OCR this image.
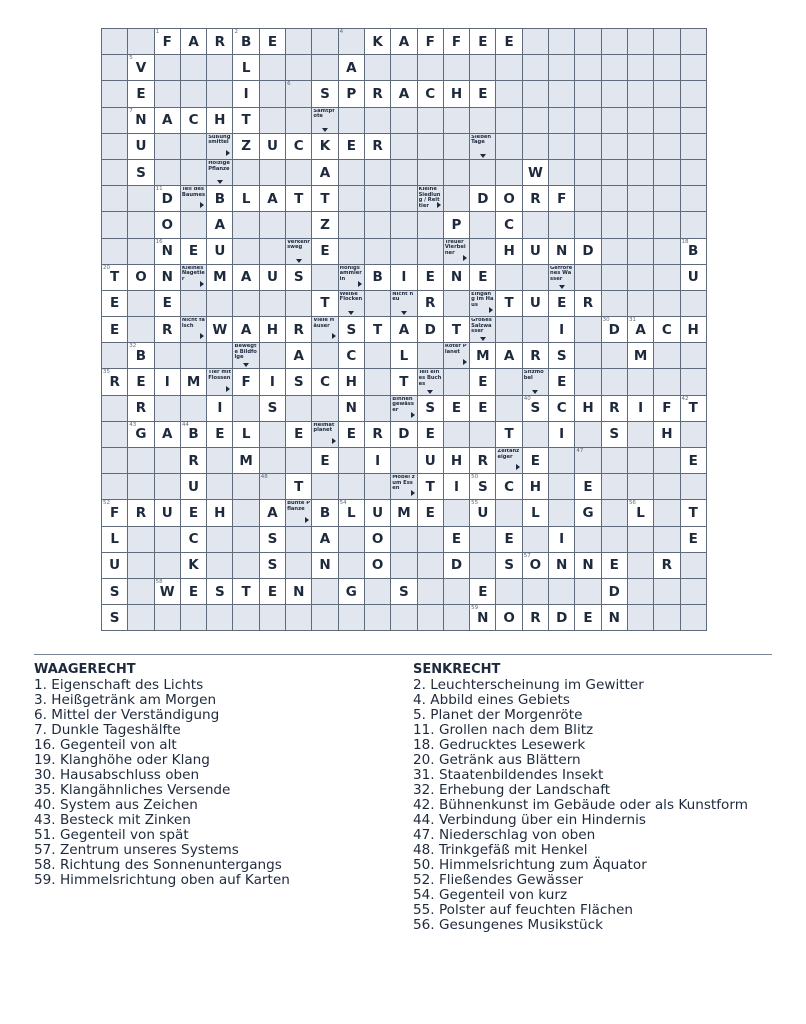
F
1
A	R	B
2
E
4
K	A	F	F	E	E
V
5
L	A
E	I
6
S	P	R	A	C	H	E
N
7
A	C	H	T
Samtpfote
U
Süßungsmittel Z	U	C	K	E	R
Sieben Tage
S
Holzige Pflanze	A	W
D
11	Teil des Baumes B	L	A	T	T
Kleine Siedlung / Reittier	D	O	R	F
O	A	Z	P	C
N
16
E	U
Verkehrsweg	E
Treuer Vierbeiner	H	U	N	D	B
18
T
20
O	N
Kleines Nagetier	M	A	U	S
Honigsammlerin	B	I	E	N	E
Gefrorenes Wasser	U
E	E	T
Weiße Flocken
Nicht neu	R
Eingang im Haus	T	U	E	R
E	R
Nicht falsch	W	A	H	R
Viele Häuser	S	T	A	D	T
Großes Salzwasser	I	D
30
A
31
C	H
B
32	Bewegte Bildfolge	A	C	L
Roter Planet	M	A	R	S	M
R
35
E	I	M
Tier mit Flossen F	I	S	C	H	T
Teil eines Buches	E
Sitzmöbel	E
R	I	S	N
Binnengewässer	S	E	E	S
40
C	H	R	I	F	T
42
G
43
A	B
44
E	L	E
Heimatplanet	E	R	D	E	T	I	S	H
R	M	E	I	U	H	R
Zeitanzeiger	E
47
E
U
48
T
Möbel zum Essen	T	I	S
50
C	H	E
F
52
R	U	E	H	A
Bunte Pflanze	B	L
54
U	M	E	U
55
L	G	L
56
T
L	C	S	A	O	E	E	I	E
U	K	S	N	O	D	S	O
57
N	N	E	R
S	W
58
E	S	T	E	N	G	S	E	D
S	N
59
O	R	D	E	N
WAAGERECHT
1. Eigenschaft des Lichts
3. Heißgetränk am Morgen
6. Mittel der Verständigung
7. Dunkle Tageshälfte
16. Gegenteil von alt
19. Klanghöhe oder Klang
30. Hausabschluss oben
35. Klangähnliches Versende
40. System aus Zeichen
43. Besteck mit Zinken
51. Gegenteil von spät
57. Zentrum unseres Systems
58. Richtung des Sonnenuntergangs
59. Himmelsrichtung oben auf Karten
SENKRECHT
2. Leuchterscheinung im Gewitter
4. Abbild eines Gebiets
5. Planet der Morgenröte
11. Grollen nach dem Blitz
18. Gedrucktes Lesewerk
20. Getränk aus Blättern
31. Staatenbildendes Insekt
32. Erhebung der Landschaft
42. Bühnenkunst im Gebäude oder als Kunstform
44. Verbindung über ein Hindernis
47. Niederschlag von oben
48. Trinkgefäß mit Henkel
50. Himmelsrichtung zum Äquator
52. Fließendes Gewässer
54. Gegenteil von kurz
55. Polster auf feuchten Flächen
56. Gesungenes Musikstück
